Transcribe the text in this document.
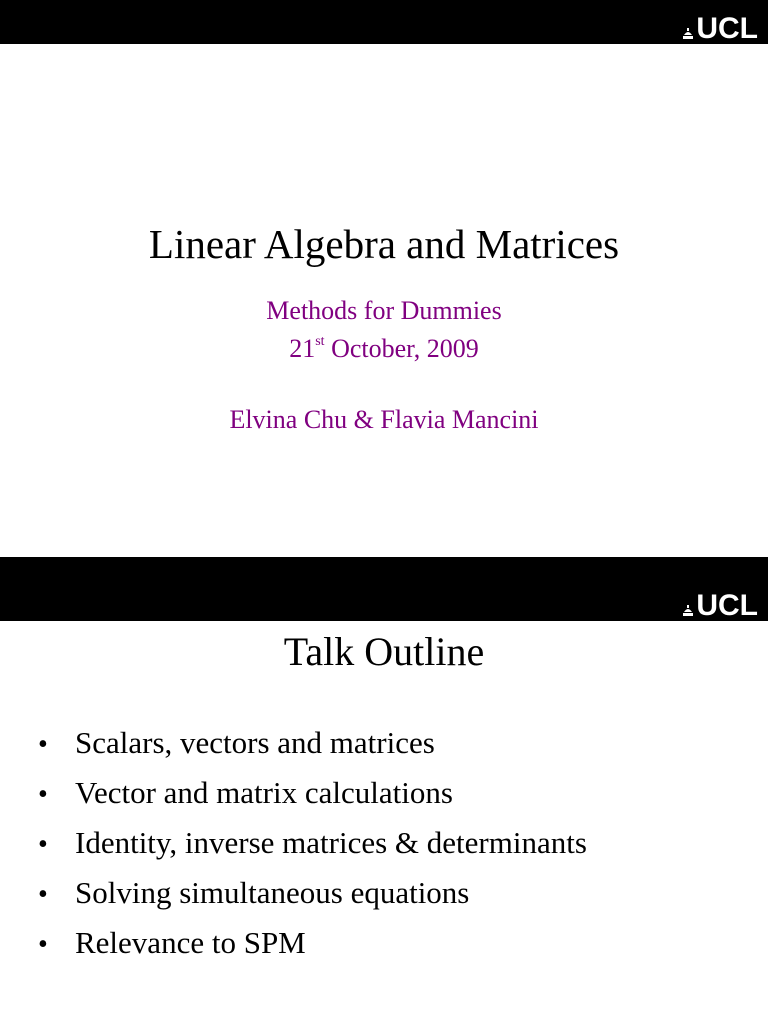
UCL
Linear Algebra and Matrices
Methods for Dummies
21st October, 2009
Elvina Chu & Flavia Mancini
UCL
Talk Outline
• Scalars, vectors and matrices
• Vector and matrix calculations
• Identity, inverse matrices & determinants
• Solving simultaneous equations
• Relevance to SPM
